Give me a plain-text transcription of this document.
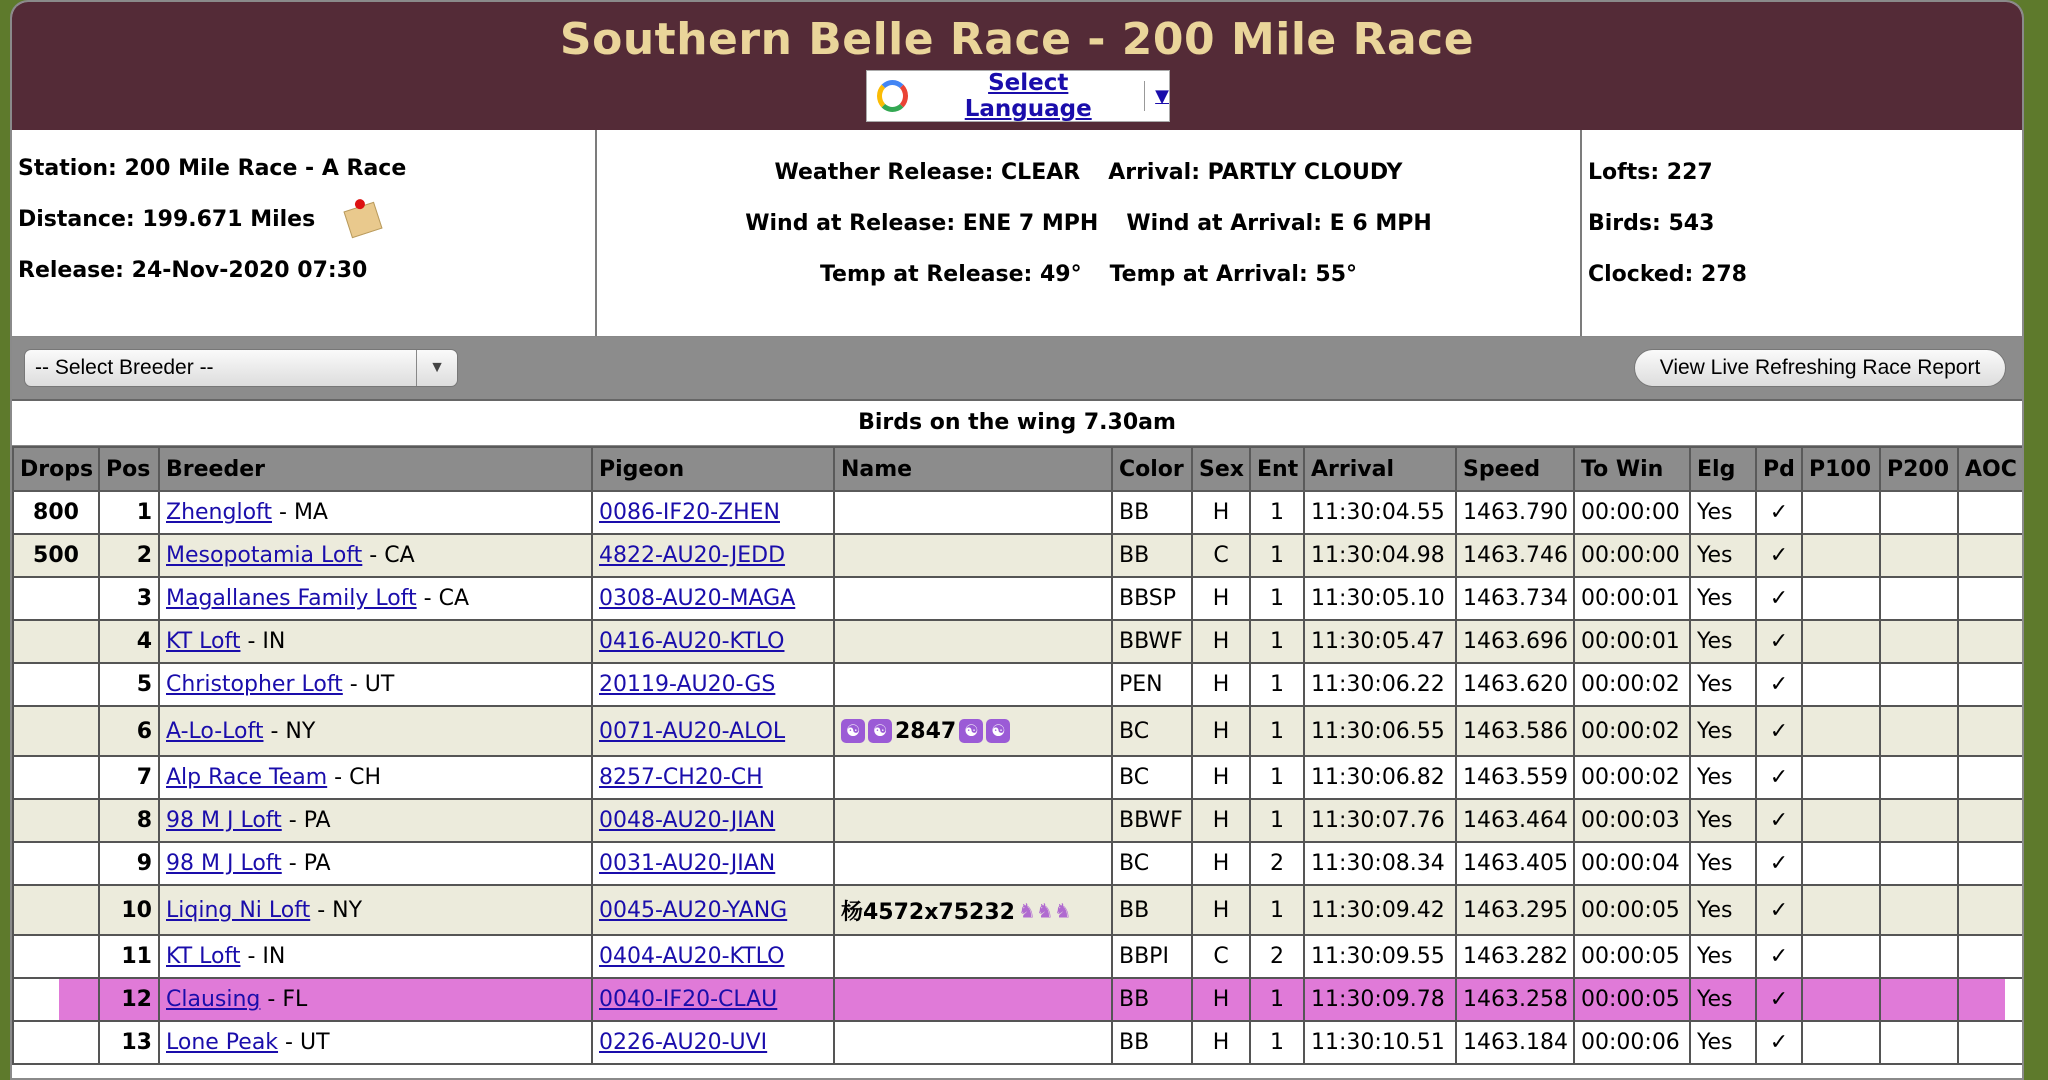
Southern Belle Race - 200 Mile Race
Select Language	▼
Station: 200 Mile Race - A Race
Distance: 199.671 Miles
Release: 24-Nov-2020 07:30
Weather Release: CLEAR Arrival: PARTLY CLOUDY
Wind at Release: ENE 7 MPH Wind at Arrival: E 6 MPH
Temp at Release: 49° Temp at Arrival: 55°
Lofts: 227
Birds: 543
Clocked: 278
-- Select Breeder --	▼	View Live Refreshing Race Report
Birds on the wing 7.30am
Drops	Pos	Breeder	Pigeon	Name	Color	Sex	Ent	Arrival	Speed	To Win	Elg	Pd	P100	P200	AOC
800	1	Zhengloft - MA	0086-IF20-ZHEN		BB	H	1	11:30:04.55	1463.790	00:00:00	Yes	✓			
500	2	Mesopotamia Loft - CA	4822-AU20-JEDD		BB	C	1	11:30:04.98	1463.746	00:00:00	Yes	✓			
	3	Magallanes Family Loft - CA	0308-AU20-MAGA		BBSP	H	1	11:30:05.10	1463.734	00:00:01	Yes	✓			
	4	KT Loft - IN	0416-AU20-KTLO		BBWF	H	1	11:30:05.47	1463.696	00:00:01	Yes	✓			
	5	Christopher Loft - UT	20119-AU20-GS		PEN	H	1	11:30:06.22	1463.620	00:00:02	Yes	✓			
	6	A-Lo-Loft - NY	0071-AU20-ALOL	☯ ☯ 2847 ☯ ☯	BC	H	1	11:30:06.55	1463.586	00:00:02	Yes	✓			
	7	Alp Race Team - CH	8257-CH20-CH		BC	H	1	11:30:06.82	1463.559	00:00:02	Yes	✓			
	8	98 M J Loft - PA	0048-AU20-JIAN		BBWF	H	1	11:30:07.76	1463.464	00:00:03	Yes	✓			
	9	98 M J Loft - PA	0031-AU20-JIAN		BC	H	2	11:30:08.34	1463.405	00:00:04	Yes	✓			
	10	Liqing Ni Loft - NY	0045-AU20-YANG	杨4572x75232 ♞♞♞	BB	H	1	11:30:09.42	1463.295	00:00:05	Yes	✓			
	11	KT Loft - IN	0404-AU20-KTLO		BBPI	C	2	11:30:09.55	1463.282	00:00:05	Yes	✓			
	12	Clausing - FL	0040-IF20-CLAU		BB	H	1	11:30:09.78	1463.258	00:00:05	Yes	✓			
	13	Lone Peak - UT	0226-AU20-UVI		BB	H	1	11:30:10.51	1463.184	00:00:06	Yes	✓			
